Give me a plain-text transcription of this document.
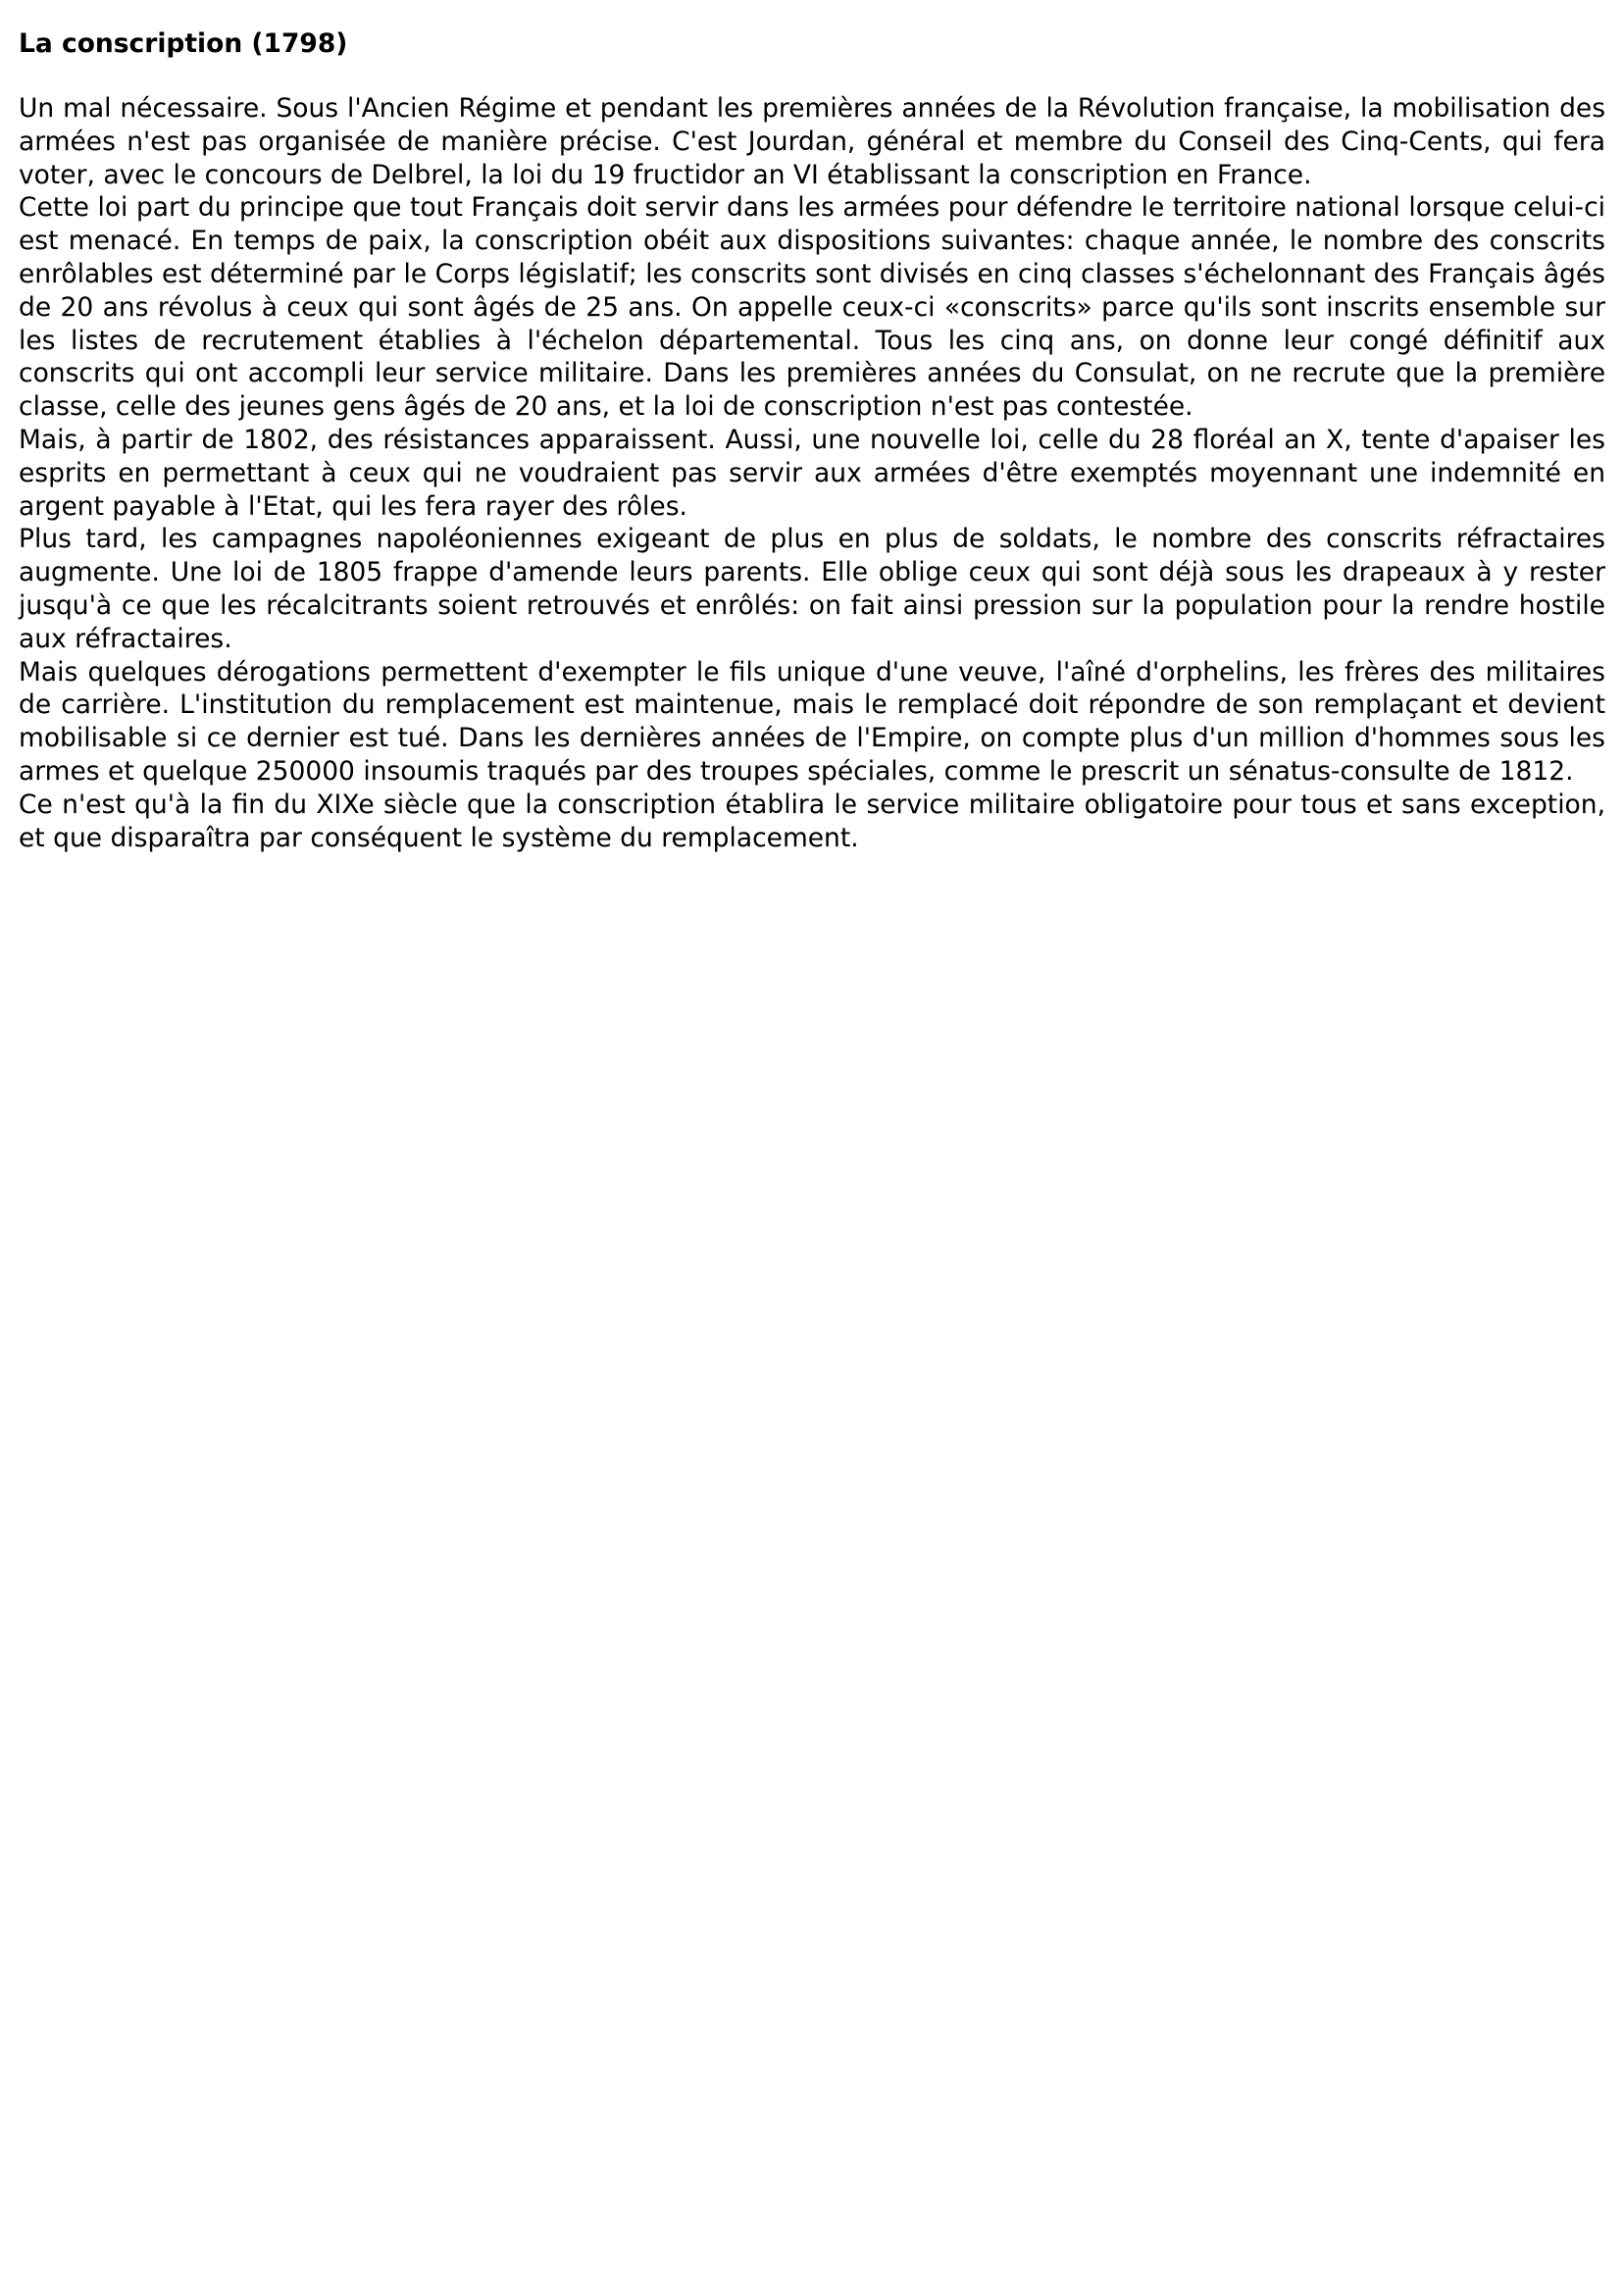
La conscription (1798)

Un mal nécessaire. Sous l'Ancien Régime et pendant les premières années de la Révolution française, la mobilisation des armées n'est pas organisée de manière précise. C'est Jourdan, général et membre du Conseil des Cinq-Cents, qui fera voter, avec le concours de Delbrel, la loi du 19 fructidor an VI établissant la conscription en France.

Cette loi part du principe que tout Français doit servir dans les armées pour défendre le territoire national lorsque celui-ci est menacé. En temps de paix, la conscription obéit aux dispositions suivantes: chaque année, le nombre des conscrits enrôlables est déterminé par le Corps législatif; les conscrits sont divisés en cinq classes s'échelonnant des Français âgés de 20 ans révolus à ceux qui sont âgés de 25 ans. On appelle ceux-ci «conscrits» parce qu'ils sont inscrits ensemble sur les listes de recrutement établies à l'échelon départemental. Tous les cinq ans, on donne leur congé définitif aux conscrits qui ont accompli leur service militaire. Dans les premières années du Consulat, on ne recrute que la première classe, celle des jeunes gens âgés de 20 ans, et la loi de conscription n'est pas contestée.

Mais, à partir de 1802, des résistances apparaissent. Aussi, une nouvelle loi, celle du 28 floréal an X, tente d'apaiser les esprits en permettant à ceux qui ne voudraient pas servir aux armées d'être exemptés moyennant une indemnité en argent payable à l'Etat, qui les fera rayer des rôles.

Plus tard, les campagnes napoléoniennes exigeant de plus en plus de soldats, le nombre des conscrits réfractaires augmente. Une loi de 1805 frappe d'amende leurs parents. Elle oblige ceux qui sont déjà sous les drapeaux à y rester jusqu'à ce que les récalcitrants soient retrouvés et enrôlés: on fait ainsi pression sur la population pour la rendre hostile aux réfractaires.

Mais quelques dérogations permettent d'exempter le fils unique d'une veuve, l'aîné d'orphelins, les frères des militaires de carrière. L'institution du remplacement est maintenue, mais le remplacé doit répondre de son remplaçant et devient mobilisable si ce dernier est tué. Dans les dernières années de l'Empire, on compte plus d'un million d'hommes sous les armes et quelque 250000 insoumis traqués par des troupes spéciales, comme le prescrit un sénatus-consulte de 1812.

Ce n'est qu'à la fin du XIXe siècle que la conscription établira le service militaire obligatoire pour tous et sans exception, et que disparaîtra par conséquent le système du remplacement.
